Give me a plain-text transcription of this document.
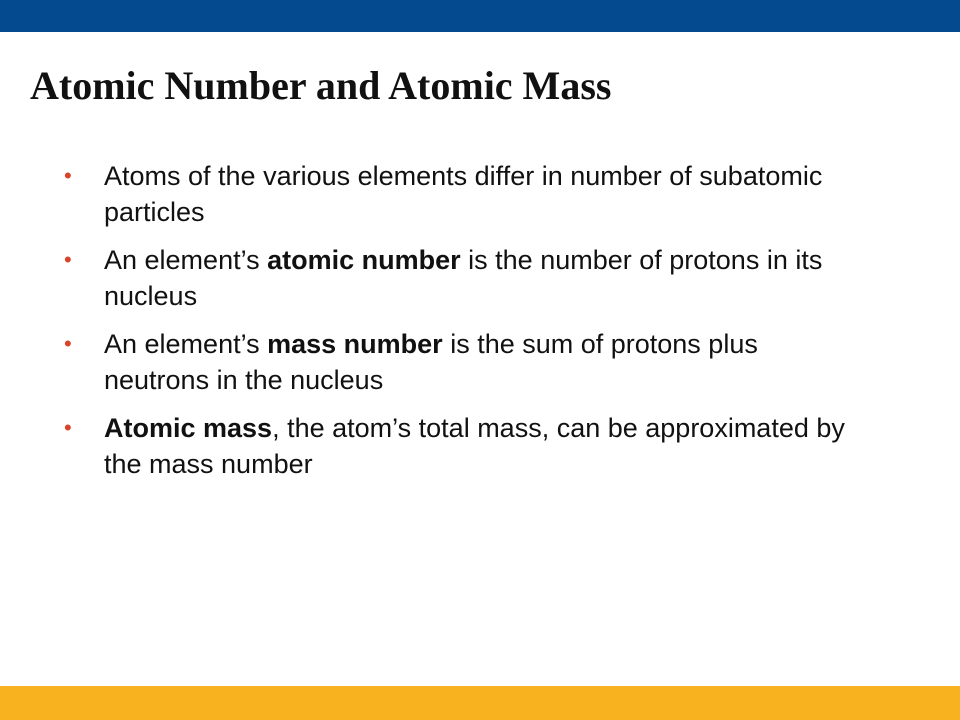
Atomic Number and Atomic Mass
• Atoms of the various elements differ in number of subatomic particles
• An element’s atomic number is the number of protons in its nucleus
• An element’s mass number is the sum of protons plus neutrons in the nucleus
• Atomic mass, the atom’s total mass, can be approximated by the mass number
